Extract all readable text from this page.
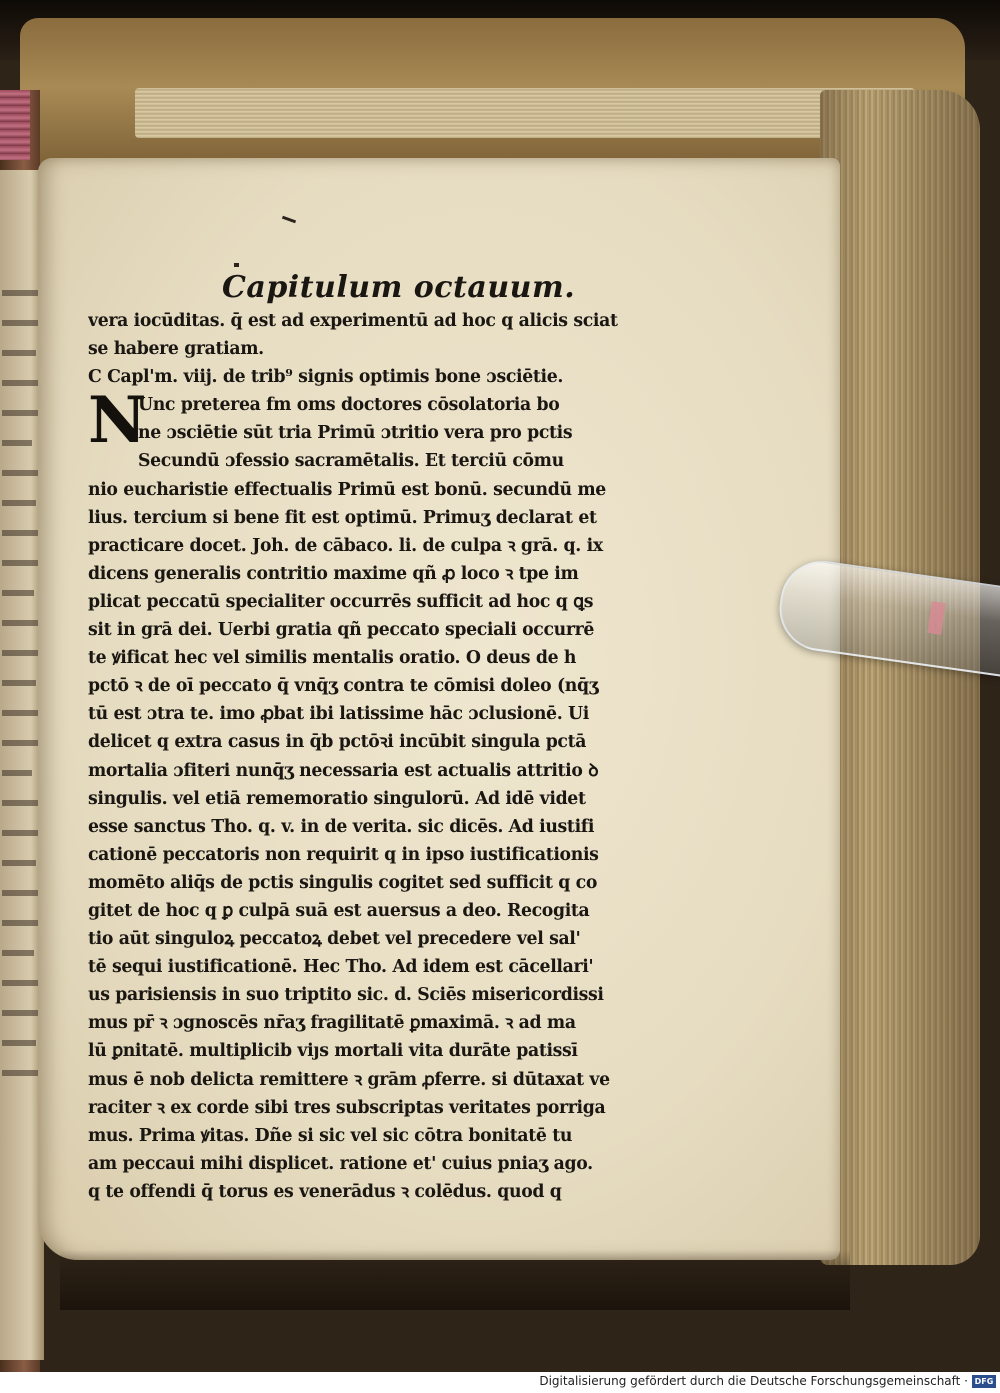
Capitulum octauum.
N
vera iocūditas. q̄ est ad experimentū ad hoc q alicis sciat
se habere gratiam.
C Capl'm. viij. de trib⁹ signis optimis bone ɔsciētie.
Unc preterea fm oms doctores cōsolatoria bo
ne ɔsciētie sūt tria Primū ɔtritio vera pro pctis
Secundū ɔfessio sacramētalis. Et terciū cōmu
nio eucharistie effectualis Primū est bonū. secundū me
lius. tercium si bene fit est optimū. Primuʒ declarat et
practicare docet. Joh. de cābaco. li. de culpa ꝛ grā. q. ix
dicens generalis contritio maxime qñ ꝓ loco ꝛ tpe im
plicat peccatū specialiter occurrēs sufficit ad hoc q ꝗs
sit in grā dei. Uerbi gratia qñ peccato speciali occurrē
te ꝟificat hec vel similis mentalis oratio. O deus de h
pctō ꝛ de oī peccato q̄ vnq̄ʒ contra te cōmisi doleo (nq̄ʒ
tū est ɔtra te. imo ꝓbat ibi latissime hāc ɔclusionē. Ui
delicet q extra casus in q̄b pctōꝛi incūbit singula pctā
mortalia ɔfiteri nunq̄ʒ necessaria est actualis attritio ꝺ
singulis. vel etiā rememoratio singulorū. Ad idē videt
esse sanctus Tho. q. v. in de verita. sic dicēs. Ad iustifi
cationē peccatoris non requirit q in ipso iustificationis
momēto aliq̄s de pctis singulis cogitet sed sufficit q co
gitet de hoc q ꝑ culpā suā est auersus a deo. Recogita
tio aūt singuloꝝ peccatoꝝ debet vel precedere vel sal'
tē sequi iustificationē. Hec Tho. Ad idem est cācellari'
us parisiensis in suo triptito sic. d. Sciēs misericordissi
mus pr̄ ꝛ ɔgnoscēs nr̄aʒ fragilitatē ꝑmaximā. ꝛ ad ma
lū ꝑnitatē. multiplicib viȷs mortali vita durāte patissī
mus ē nob delicta remittere ꝛ grām ꝓferre. si dūtaxat ve
raciter ꝛ ex corde sibi tres subscriptas veritates porriga
mus. Prima ꝟitas. Dñe si sic vel sic cōtra bonitatē tu
am peccaui mihi displicet. ratione et' cuius pniaʒ ago.
q te offendi q̄ torus es venerādus ꝛ colēdus. quod q
Digitalisierung gefördert durch die Deutsche Forschungsgemeinschaft · DFG
